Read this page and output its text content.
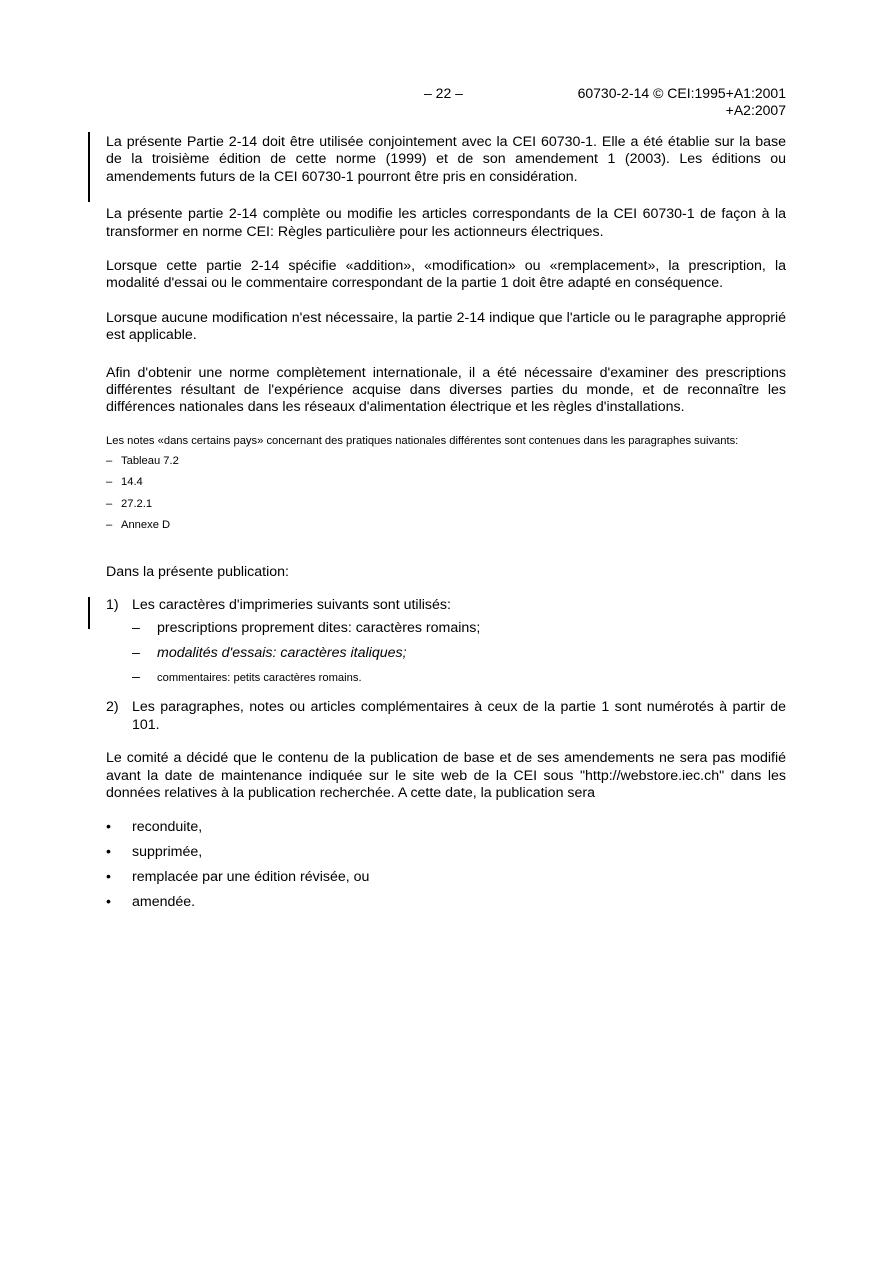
– 22 –	60730-2-14 © CEI:1995+A1:2001
+A2:2007

La présente Partie 2-14 doit être utilisée conjointement avec la CEI 60730-1. Elle a été établie sur la base de la troisième édition de cette norme (1999) et de son amendement 1 (2003). Les éditions ou amendements futurs de la CEI 60730-1 pourront être pris en considération.

La présente partie 2-14 complète ou modifie les articles correspondants de la CEI 60730-1 de façon à la transformer en norme CEI: Règles particulière pour les actionneurs électriques.

Lorsque cette partie 2-14 spécifie «addition», «modification» ou «remplacement», la prescription, la modalité d'essai ou le commentaire correspondant de la partie 1 doit être adapté en conséquence.

Lorsque aucune modification n'est nécessaire, la partie 2-14 indique que l'article ou le paragraphe approprié est applicable.

Afin d'obtenir une norme complètement internationale, il a été nécessaire d'examiner des prescriptions différentes résultant de l'expérience acquise dans diverses parties du monde, et de reconnaître les différences nationales dans les réseaux d'alimentation électrique et les règles d'installations.

Les notes «dans certains pays» concernant des pratiques nationales différentes sont contenues dans les paragraphes suivants:

– Tableau 7.2
– 14.4
– 27.2.1
– Annexe D

Dans la présente publication:

1) Les caractères d'imprimeries suivants sont utilisés:
–	prescriptions proprement dites: caractères romains;
–	modalités d'essais: caractères italiques;
–	commentaires: petits caractères romains.
2) Les paragraphes, notes ou articles complémentaires à ceux de la partie 1 sont numérotés à partir de 101.

Le comité a décidé que le contenu de la publication de base et de ses amendements ne sera pas modifié avant la date de maintenance indiquée sur le site web de la CEI sous "http://webstore.iec.ch" dans les données relatives à la publication recherchée. A cette date, la publication sera

•	reconduite,
•	supprimée,
•	remplacée par une édition révisée, ou
•	amendée.
